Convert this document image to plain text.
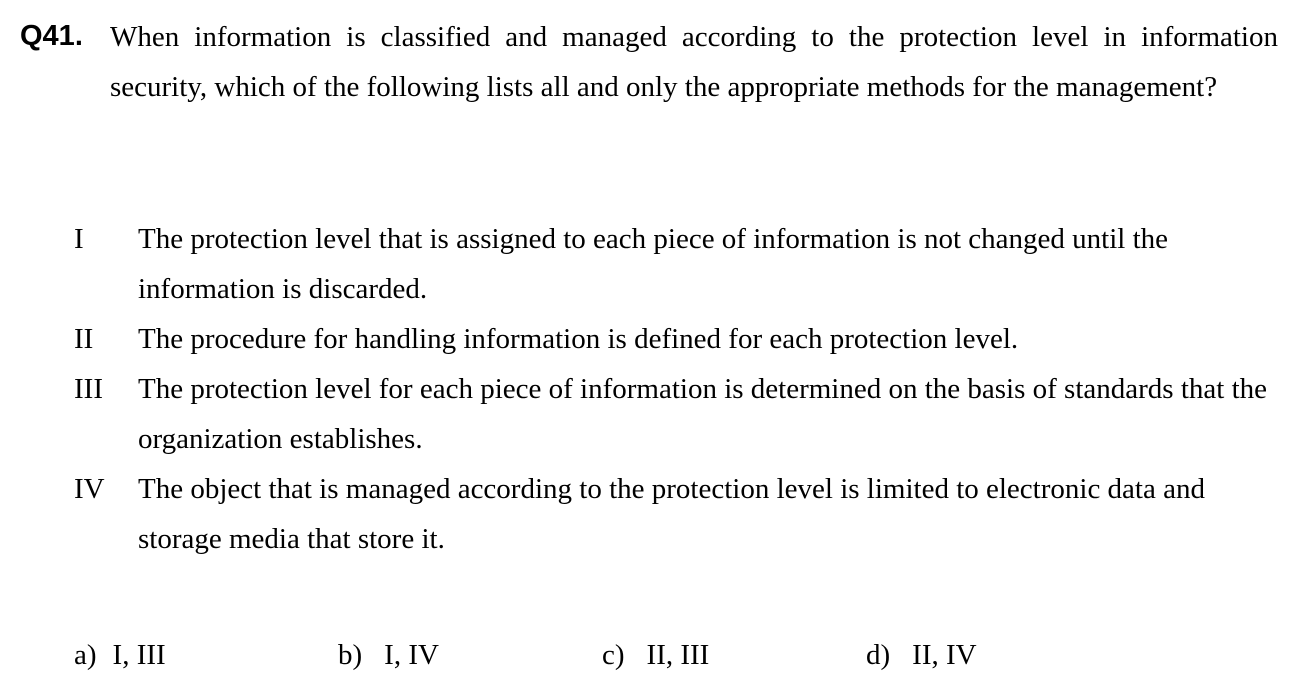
Q41. When information is classified and managed according to the protection level in information security, which of the following lists all and only the appropriate methods for the management?
I The protection level that is assigned to each piece of information is not changed until the information is discarded.
II The procedure for handling information is defined for each protection level.
III The protection level for each piece of information is determined on the basis of standards that the organization establishes.
IV The object that is managed according to the protection level is limited to electronic data and storage media that store it.
a) I, III	b) I, IV	c) II, III	d) II, IV
